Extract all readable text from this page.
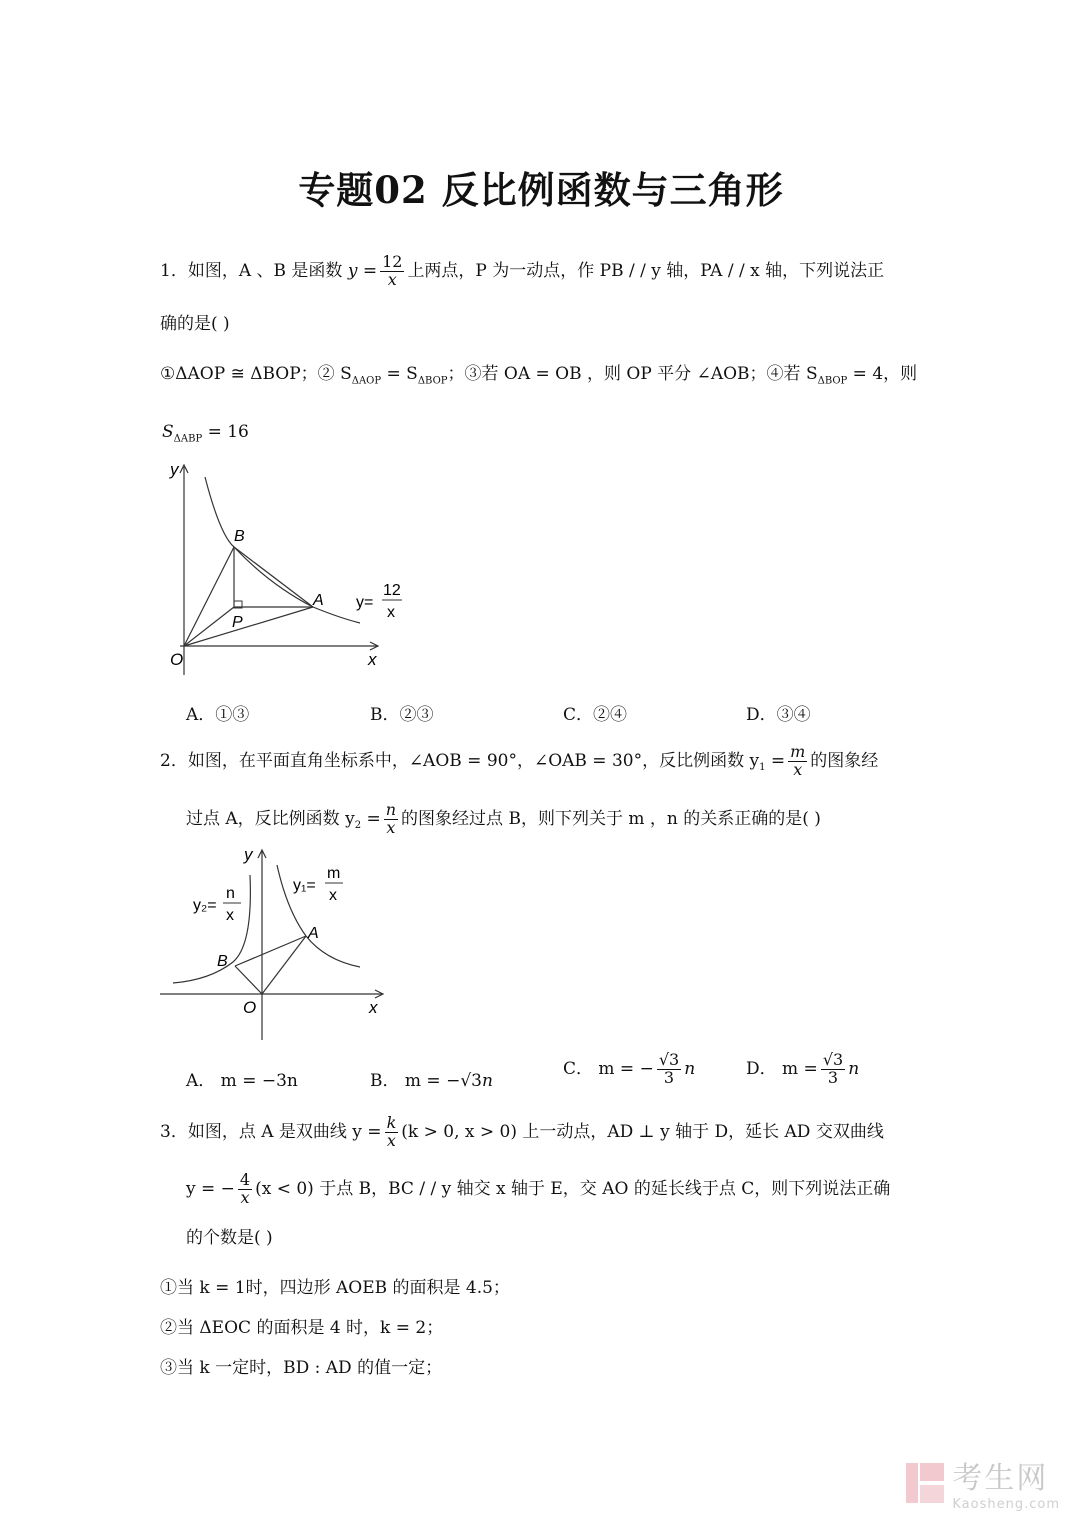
专题02 反比例函数与三角形
1．如图，A 、B 是函数 $y = \frac{12}{x}$ 上两点，P 为一动点，作 PB / / y 轴，PA / / x 轴，下列说法正
确的是( )
①ΔAOP ≅ ΔBOP；② $S_{\Delta AOP} = S_{\Delta BOP}$；③若 OA = OB ，则 OP 平分 ∠AOB；④若 $S_{\Delta BOP} = 4$，则
$S_{\Delta ABP} = 16$
y
x
O
B
A
P
y=
12
x
A．①③	B．②③	C．②④	D．③④
2．如图，在平面直角坐标系中，∠AOB = 90°，∠OAB = 30°，反比例函数 $y_1 = \frac{m}{x}$ 的图象经
过点 A，反比例函数 $y_2 = \frac{n}{x}$ 的图象经过点 B，则下列关于 m ，n 的关系正确的是( )
y
x
O
A
B
y₁=
m
x
y₂=
n
x
A． m = −3n	B． m = −√3n
C． m = − $\frac{√3}{3}$ n	D． $m = \frac{√3}{3}$ n
3．如图，点 A 是双曲线 $y = \frac{k}{x} (k > 0$, x > 0) 上一动点，AD ⊥ y 轴于 D，延长 AD 交双曲线
y = − $\frac{4}{x} (x < 0)$ 于点 B，BC / / y 轴交 x 轴于 E，交 AO 的延长线于点 C，则下列说法正确
的个数是( )
①当 k = 1时，四边形 AOEB 的面积是 4.5；
②当 ΔEOC 的面积是 4 时，k = 2；
③当 k 一定时，BD : AD 的值一定；
考生网
Kaosheng.com
